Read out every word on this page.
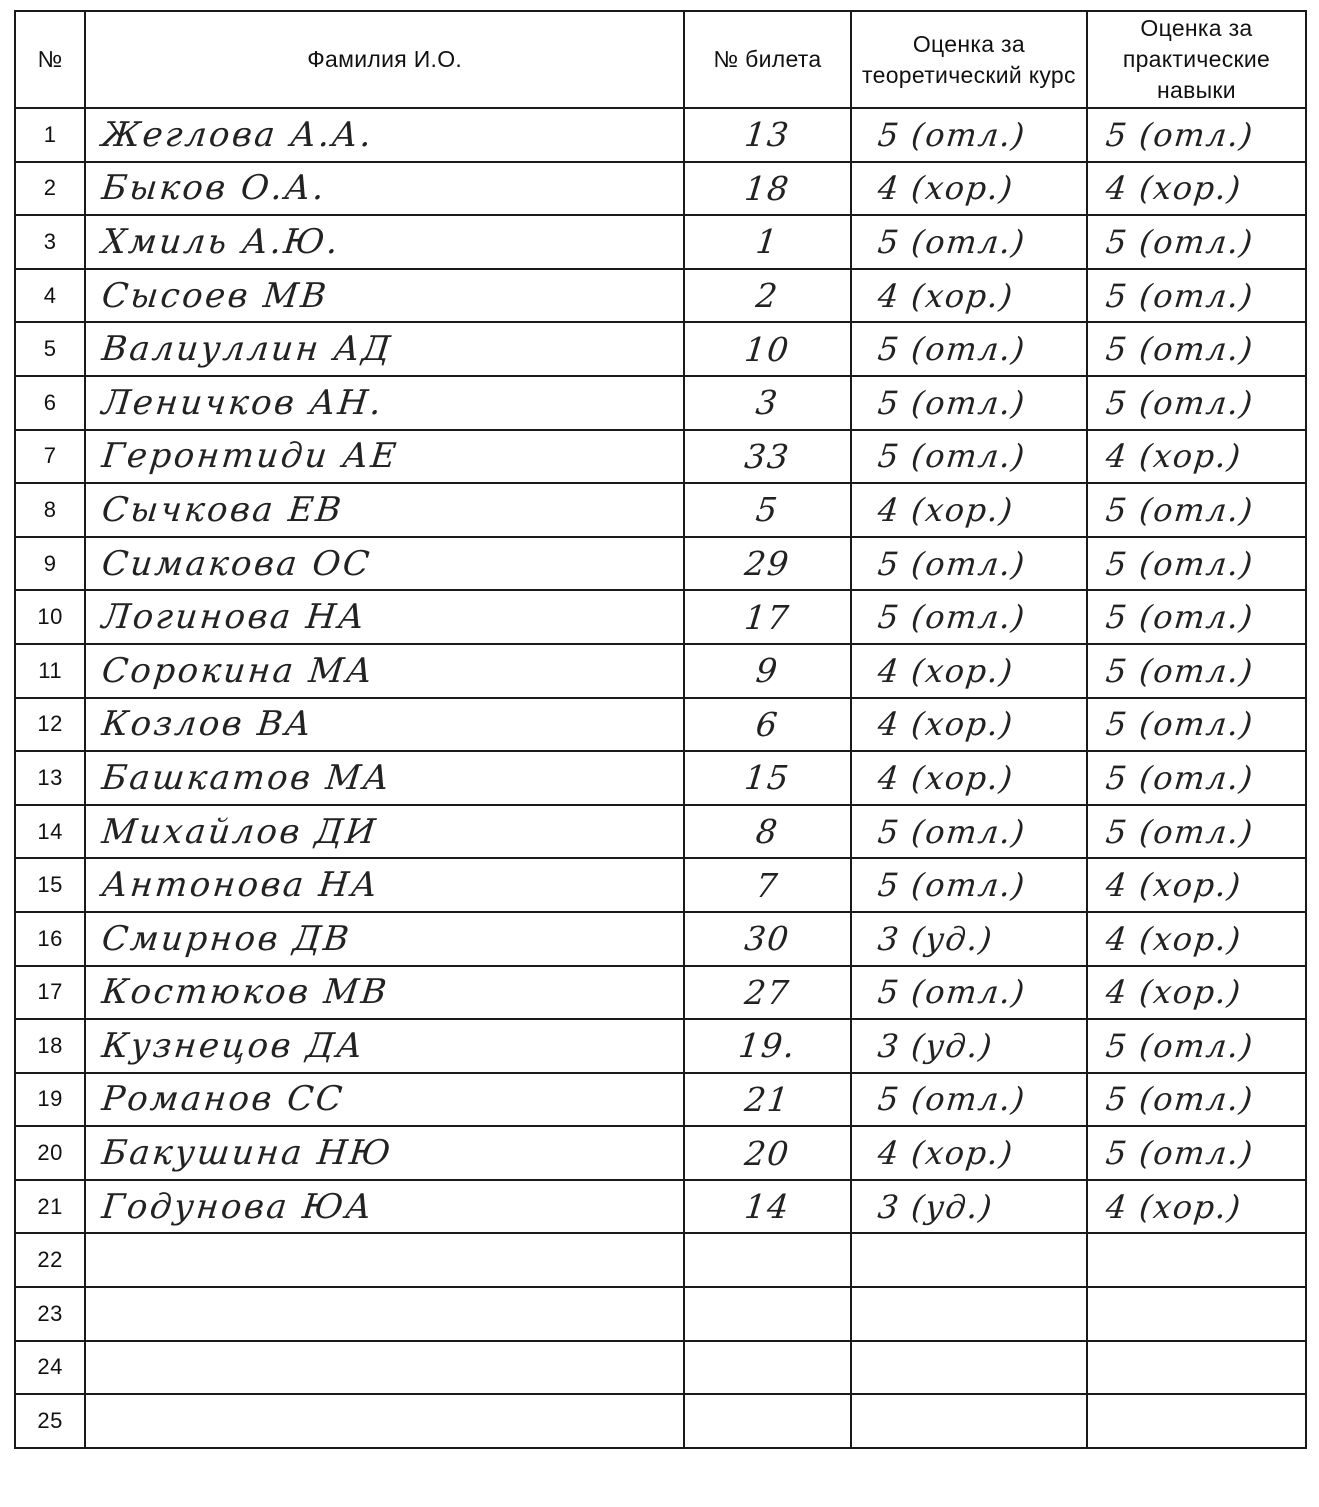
№	Фамилия И.О.	№ билета	Оценка за теоретический курс	Оценка за практические навыки
1	Жеглова А.А.	13	5 (отл.)	5 (отл.)

2	Быков О.А.	18	4 (хор.)	4 (хор.)

3	Хмиль А.Ю.	1	5 (отл.)	5 (отл.)

4	Сысоев МВ	2	4 (хор.)	5 (отл.)

5	Валиуллин АД	10	5 (отл.)	5 (отл.)

6	Леничков АН.	3	5 (отл.)	5 (отл.)

7	Геронтиди АЕ	33	5 (отл.)	4 (хор.)

8	Сычкова ЕВ	5	4 (хор.)	5 (отл.)

9	Симакова ОС	29	5 (отл.)	5 (отл.)

10	Логинова НА	17	5 (отл.)	5 (отл.)

11	Сорокина МА	9	4 (хор.)	5 (отл.)

12	Козлов ВА	6	4 (хор.)	5 (отл.)

13	Башкатов МА	15	4 (хор.)	5 (отл.)

14	Михайлов ДИ	8	5 (отл.)	5 (отл.)

15	Антонова НА	7	5 (отл.)	4 (хор.)

16	Смирнов ДВ	30	3 (уд.)	4 (хор.)

17	Костюков МВ	27	5 (отл.)	4 (хор.)

18	Кузнецов ДА	19.	3 (уд.)	5 (отл.)

19	Романов СС	21	5 (отл.)	5 (отл.)

20	Бакушина НЮ	20	4 (хор.)	5 (отл.)

21	Годунова ЮА	14	3 (уд.)	4 (хор.)

22	

23	

24	

25	
